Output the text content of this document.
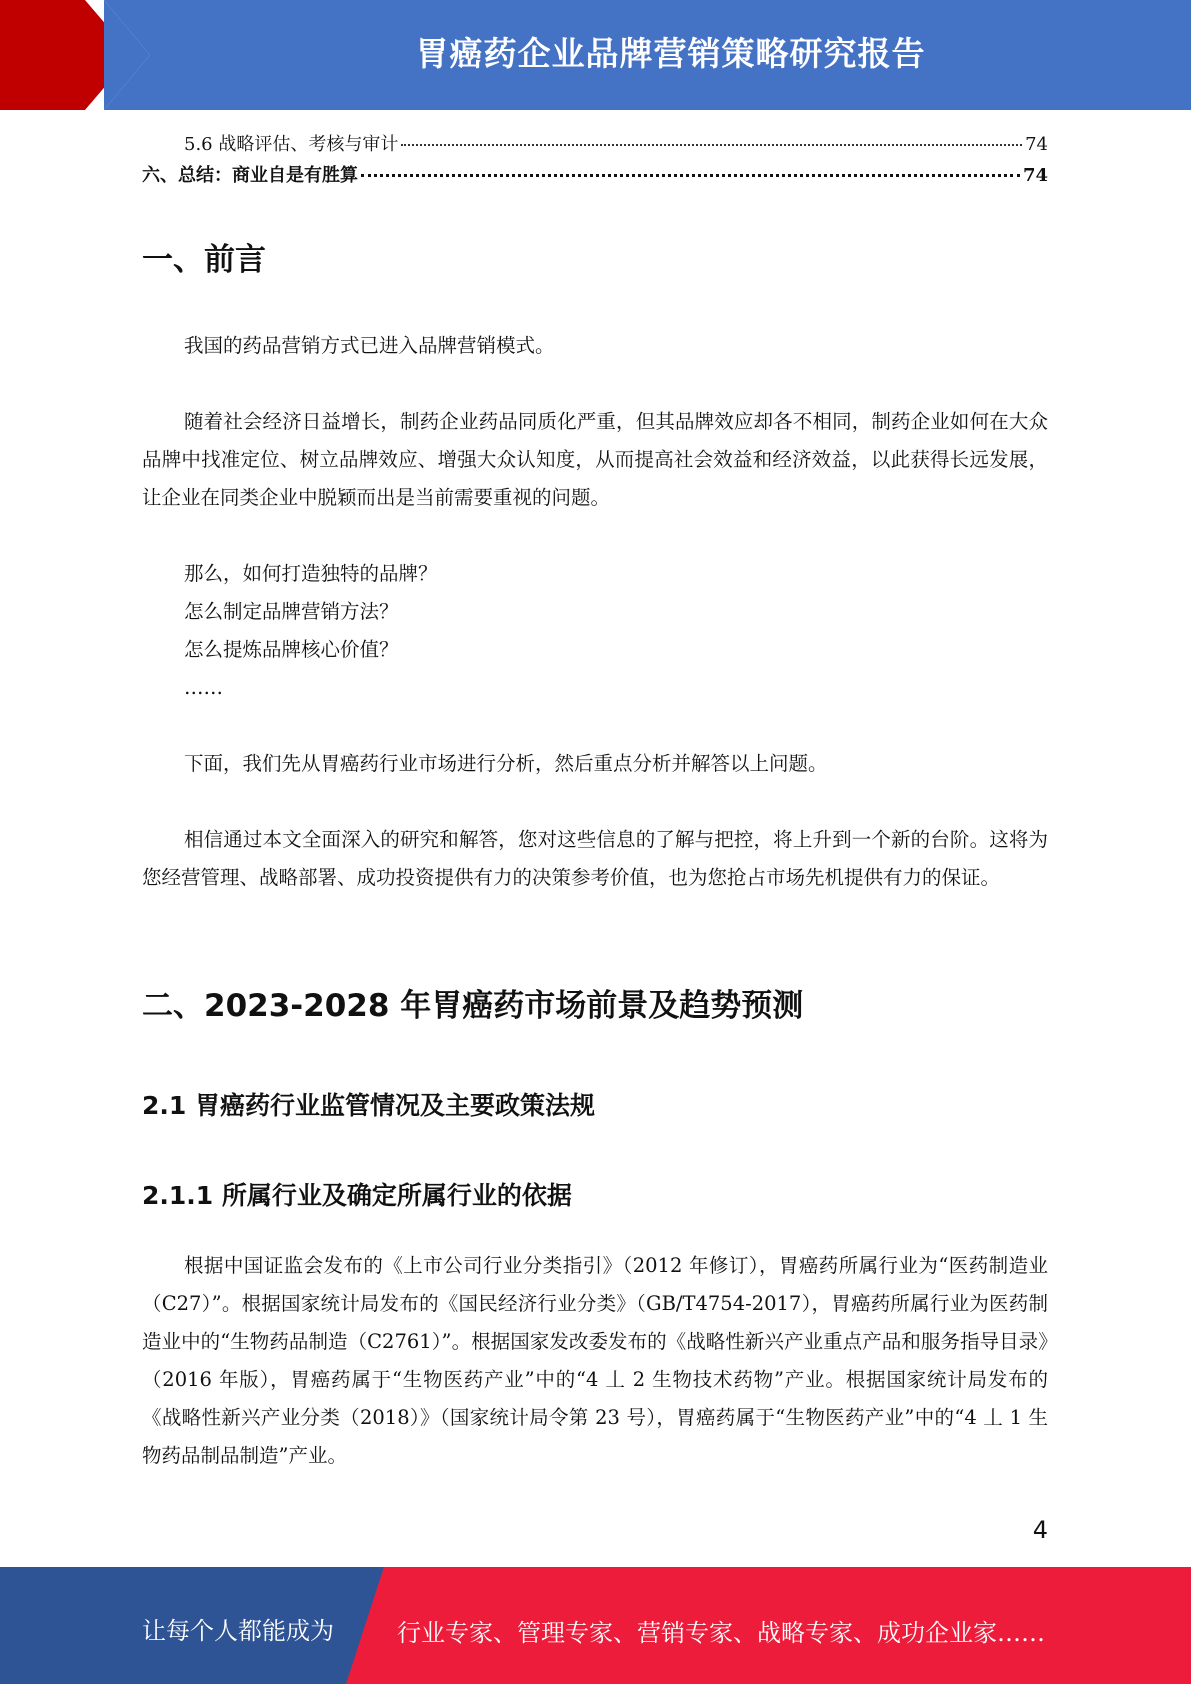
胃癌药企业品牌营销策略研究报告
5.6 战略评估、考核与审计	74
六、总结：商业自是有胜算	74
一、前言

我国的药品营销方式已进入品牌营销模式。

随着社会经济日益增长，制药企业药品同质化严重，但其品牌效应却各不相同，制药企业如何在大众品牌中找准定位、树立品牌效应、增强大众认知度，从而提高社会效益和经济效益，以此获得长远发展，让企业在同类企业中脱颖而出是当前需要重视的问题。

那么，如何打造独特的品牌？
怎么制定品牌营销方法？
怎么提炼品牌核心价值？
……

下面，我们先从胃癌药行业市场进行分析，然后重点分析并解答以上问题。

相信通过本文全面深入的研究和解答，您对这些信息的了解与把控，将上升到一个新的台阶。这将为您经营管理、战略部署、成功投资提供有力的决策参考价值，也为您抢占市场先机提供有力的保证。

二、2023-2028 年胃癌药市场前景及趋势预测
2.1 胃癌药行业监管情况及主要政策法规
2.1.1 所属行业及确定所属行业的依据

根据中国证监会发布的《上市公司行业分类指引》（2012 年修订），胃癌药所属行业为“医药制造业（C27）”。根据国家统计局发布的《国民经济行业分类》（GB/T4754-2017），胃癌药所属行业为医药制造业中的“生物药品制造（C2761）”。根据国家发改委发布的《战略性新兴产业重点产品和服务指导目录》（2016 年版），胃癌药属于“生物医药产业”中的“4 丄 2 生物技术药物”产业。根据国家统计局发布的《战略性新兴产业分类（2018）》（国家统计局令第 23 号），胃癌药属于“生物医药产业”中的“4 丄 1 生物药品制品制造”产业。

4
让每个人都能成为	行业专家、管理专家、营销专家、战略专家、成功企业家……
